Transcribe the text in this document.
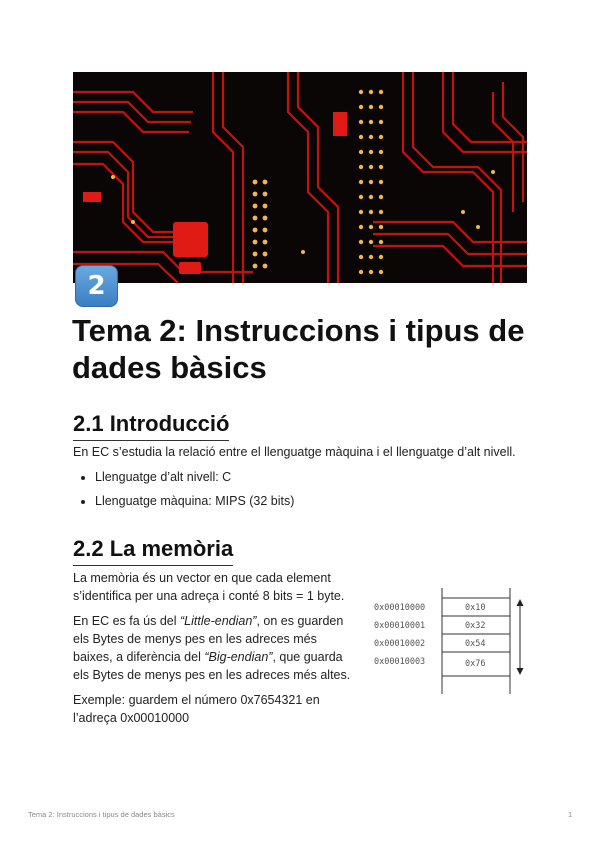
2
Tema 2: Instruccions i tipus de dades bàsics
2.1 Introducció

En EC s’estudia la relació entre el llenguatge màquina i el llenguatge d’alt nivell.

• Llenguatge d’alt nivell: C
• Llenguatge màquina: MIPS (32 bits)
2.2 La memòria

La memòria és un vector en que cada element s’identifica per una adreça i conté 8 bits = 1 byte.

En EC es fa ús del “Little-endian”, on es guarden els Bytes de menys pes en les adreces més baixes, a diferència del “Big-endian”, que guarda els Bytes de menys pes en les adreces més altes.

Exemple: guardem el número 0x7654321 en l’adreça 0x00010000

0x00010000
0x00010001
0x00010002
0x00010003
0x10
0x32
0x54
0x76
Tema 2: Instruccions i tipus de dades bàsics	1
